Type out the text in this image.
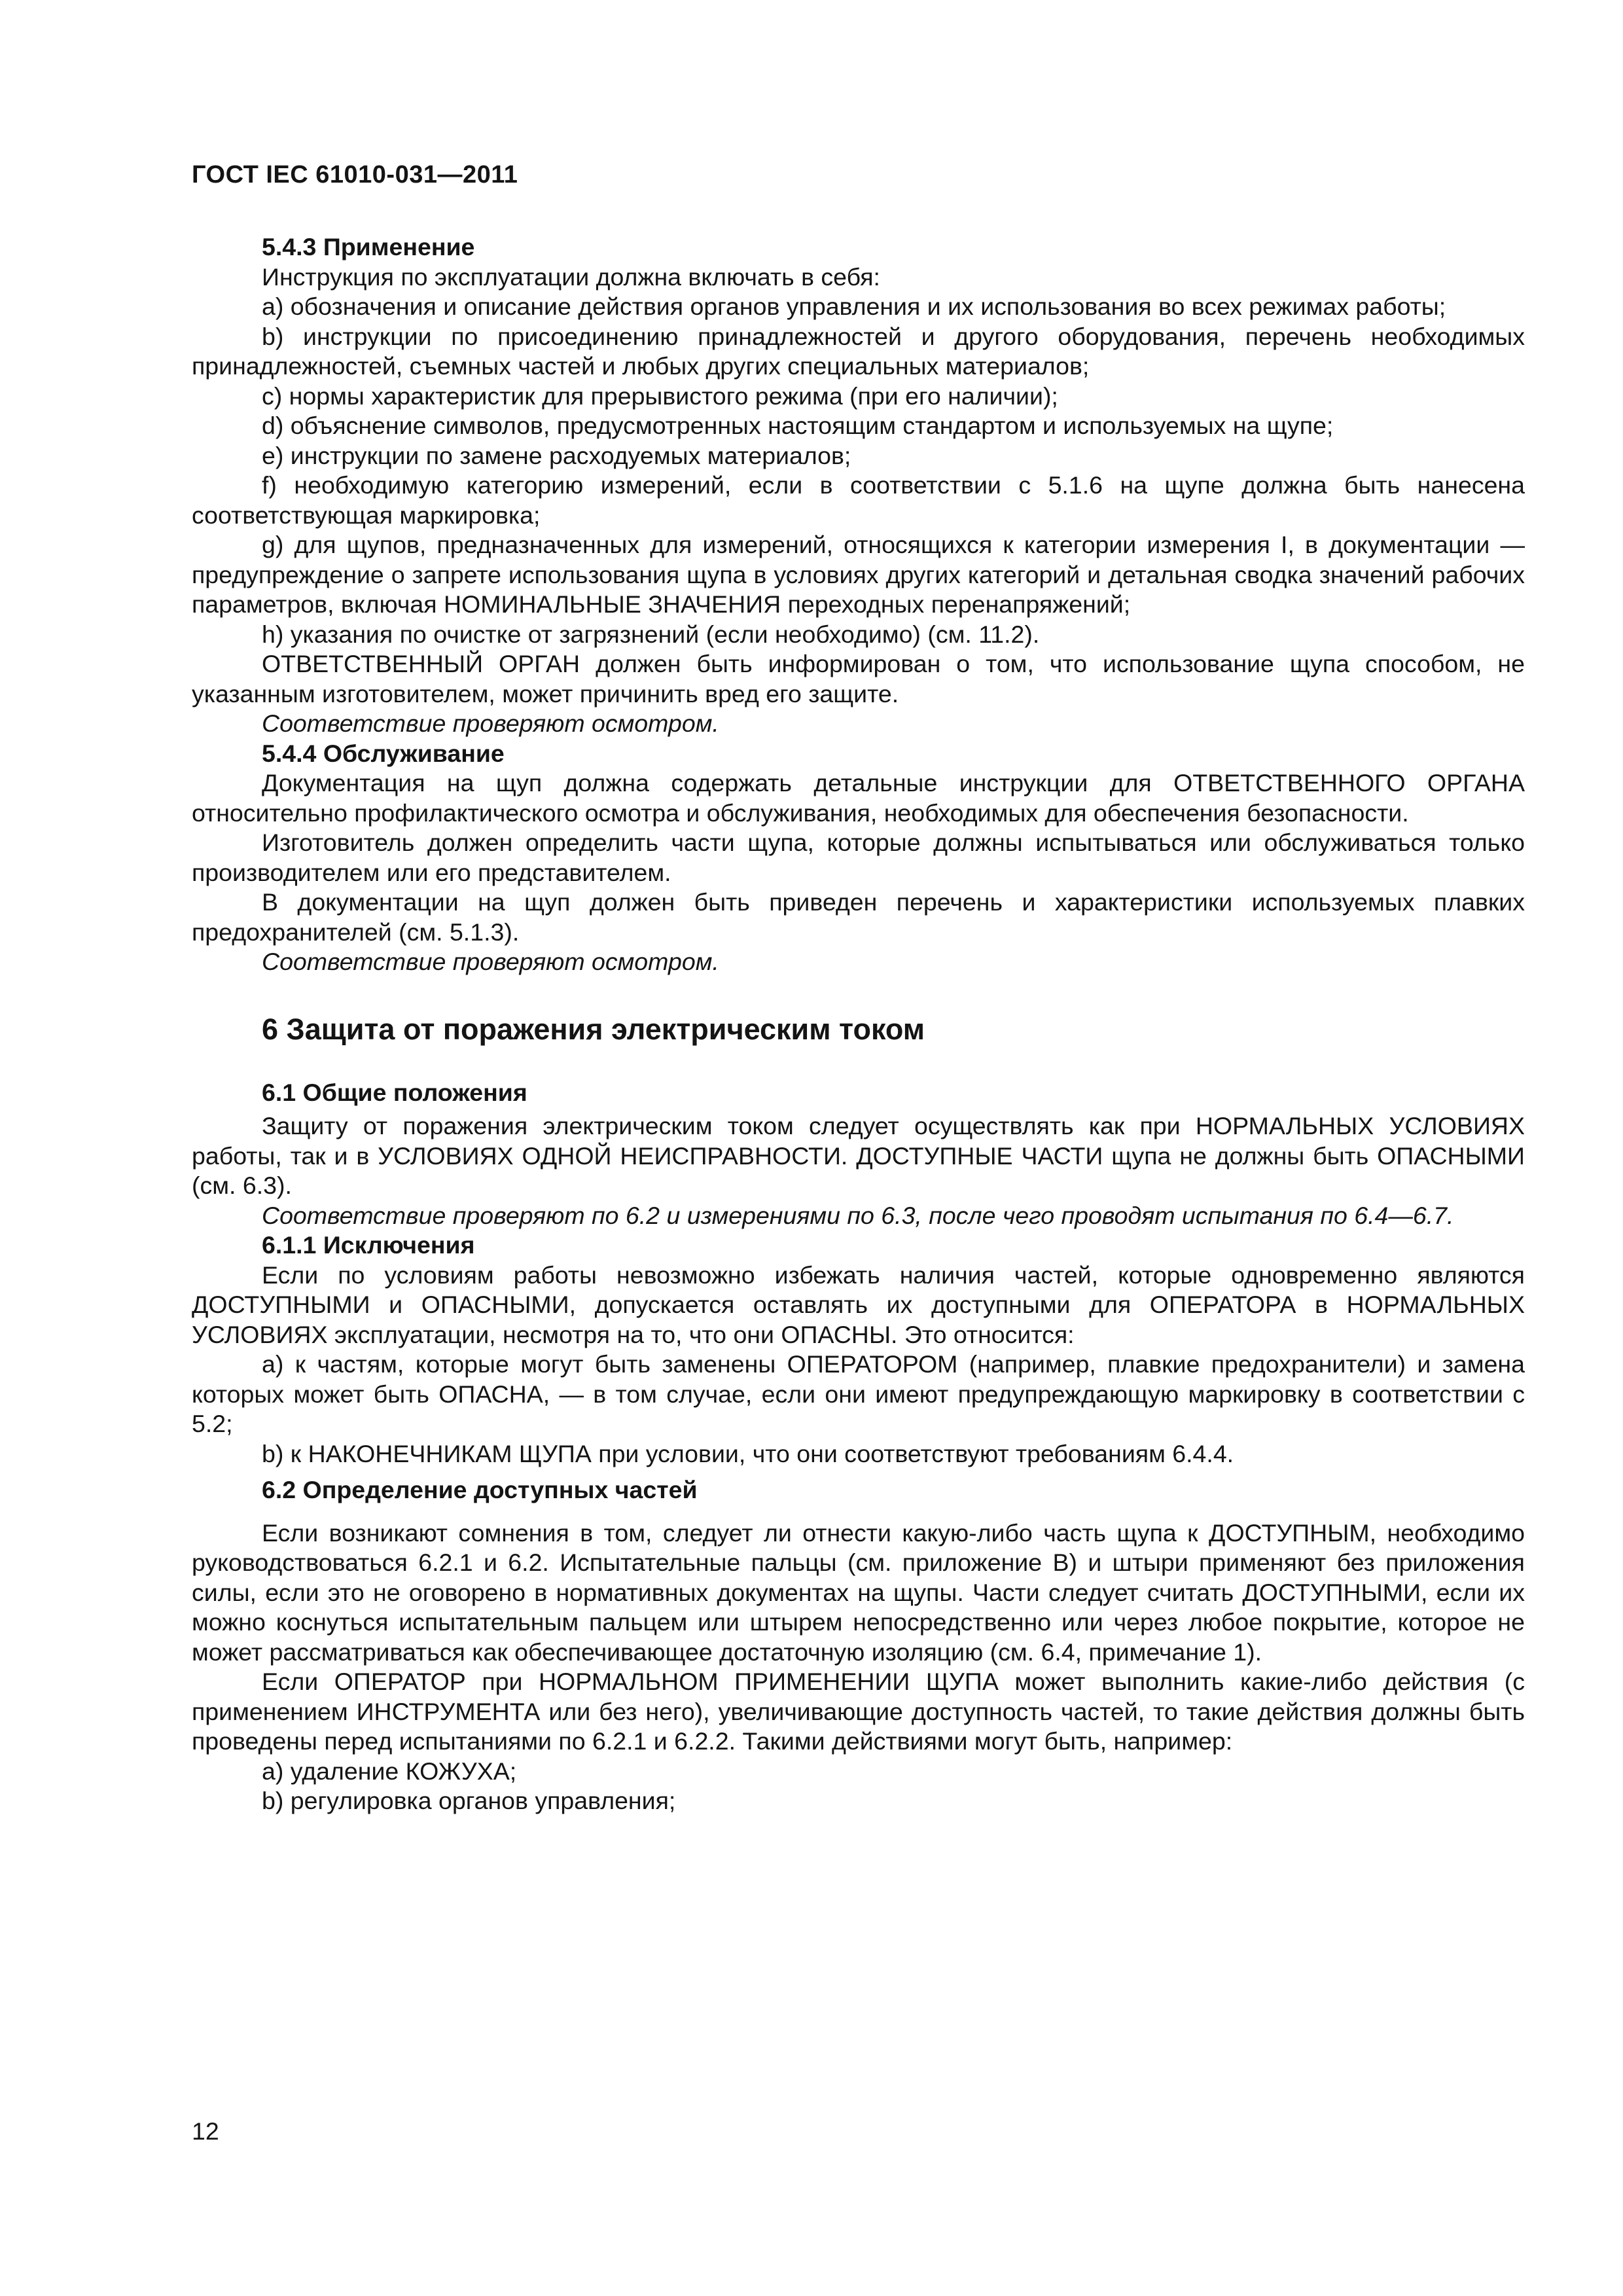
ГОСТ IEC 61010-031—2011

5.4.3 Применение

Инструкция по эксплуатации должна включать в себя:

a) обозначения и описание действия органов управления и их использования во всех режимах работы;

b) инструкции по присоединению принадлежностей и другого оборудования, перечень необходимых принадлежностей, съемных частей и любых других специальных материалов;

c) нормы характеристик для прерывистого режима (при его наличии);

d) объяснение символов, предусмотренных настоящим стандартом и используемых на щупе;

e) инструкции по замене расходуемых материалов;

f) необходимую категорию измерений, если в соответствии с 5.1.6 на щупе должна быть нанесена соответствующая маркировка;

g) для щупов, предназначенных для измерений, относящихся к категории измерения I, в документации — предупреждение о запрете использования щупа в условиях других категорий и детальная сводка значений рабочих параметров, включая НОМИНАЛЬНЫЕ ЗНАЧЕНИЯ переходных перенапряжений;

h) указания по очистке от загрязнений (если необходимо) (см. 11.2).

ОТВЕТСТВЕННЫЙ ОРГАН должен быть информирован о том, что использование щупа способом, не указанным изготовителем, может причинить вред его защите.

Соответствие проверяют осмотром.

5.4.4 Обслуживание

Документация на щуп должна содержать детальные инструкции для ОТВЕТСТВЕННОГО ОРГАНА относительно профилактического осмотра и обслуживания, необходимых для обеспечения безопасности.

Изготовитель должен определить части щупа, которые должны испытываться или обслуживаться только производителем или его представителем.

В документации на щуп должен быть приведен перечень и характеристики используемых плавких предохранителей (см. 5.1.3).

Соответствие проверяют осмотром.

6 Защита от поражения электрическим током

6.1 Общие положения

Защиту от поражения электрическим током следует осуществлять как при НОРМАЛЬНЫХ УСЛОВИЯХ работы, так и в УСЛОВИЯХ ОДНОЙ НЕИСПРАВНОСТИ. ДОСТУПНЫЕ ЧАСТИ щупа не должны быть ОПАСНЫМИ (см. 6.3).

Соответствие проверяют по 6.2 и измерениями по 6.3, после чего проводят испытания по 6.4—6.7.

6.1.1 Исключения

Если по условиям работы невозможно избежать наличия частей, которые одновременно являются ДОСТУПНЫМИ и ОПАСНЫМИ, допускается оставлять их доступными для ОПЕРАТОРА в НОРМАЛЬНЫХ УСЛОВИЯХ эксплуатации, несмотря на то, что они ОПАСНЫ. Это относится:

a) к частям, которые могут быть заменены ОПЕРАТОРОМ (например, плавкие предохранители) и замена которых может быть ОПАСНА, — в том случае, если они имеют предупреждающую маркировку в соответствии с 5.2;

b) к НАКОНЕЧНИКАМ ЩУПА при условии, что они соответствуют требованиям 6.4.4.

6.2 Определение доступных частей

Если возникают сомнения в том, следует ли отнести какую-либо часть щупа к ДОСТУПНЫМ, необходимо руководствоваться 6.2.1 и 6.2. Испытательные пальцы (см. приложение B) и штыри применяют без приложения силы, если это не оговорено в нормативных документах на щупы. Части следует считать ДОСТУПНЫМИ, если их можно коснуться испытательным пальцем или штырем непосредственно или через любое покрытие, которое не может рассматриваться как обеспечивающее достаточную изоляцию (см. 6.4, примечание 1).

Если ОПЕРАТОР при НОРМАЛЬНОМ ПРИМЕНЕНИИ ЩУПА может выполнить какие-либо действия (с применением ИНСТРУМЕНТА или без него), увеличивающие доступность частей, то такие действия должны быть проведены перед испытаниями по 6.2.1 и 6.2.2. Такими действиями могут быть, например:

a) удаление КОЖУХА;

b) регулировка органов управления;

12
